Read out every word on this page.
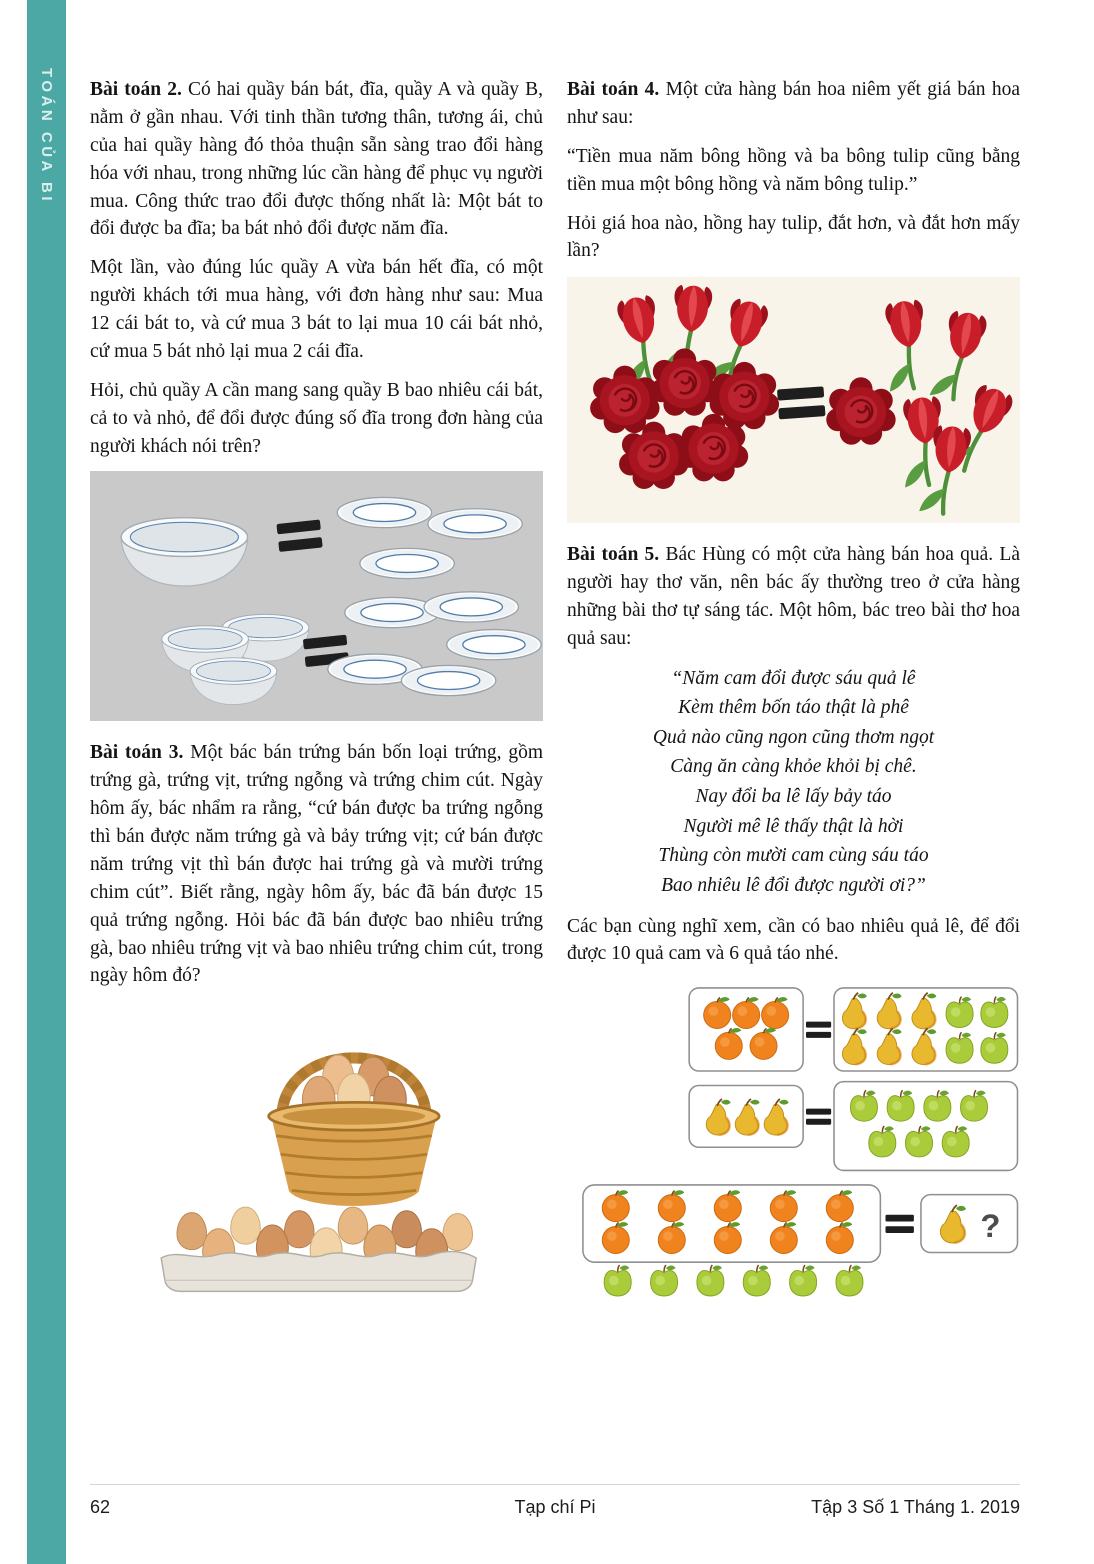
TOÁN CỦA BI Bài toán 2. Có hai quầy bán bát, đĩa, quầy A và quầy B, nằm ở gần nhau. Với tinh thần tương thân, tương ái, chủ của hai quầy hàng đó thỏa thuận sẵn sàng trao đổi hàng hóa với nhau, trong những lúc cần hàng để phục vụ người mua. Công thức trao đổi được thống nhất là: Một bát to đổi được ba đĩa; ba bát nhỏ đổi được năm đĩa.

Một lần, vào đúng lúc quầy A vừa bán hết đĩa, có một người khách tới mua hàng, với đơn hàng như sau: Mua 12 cái bát to, và cứ mua 3 bát to lại mua 10 cái bát nhỏ, cứ mua 5 bát nhỏ lại mua 2 cái đĩa.

Hỏi, chủ quầy A cần mang sang quầy B bao nhiêu cái bát, cả to và nhỏ, để đổi được đúng số đĩa trong đơn hàng của người khách nói trên?

Bài toán 3. Một bác bán trứng bán bốn loại trứng, gồm trứng gà, trứng vịt, trứng ngỗng và trứng chim cút. Ngày hôm ấy, bác nhẩm ra rằng, “cứ bán được ba trứng ngỗng thì bán được năm trứng gà và bảy trứng vịt; cứ bán được năm trứng vịt thì bán được hai trứng gà và mười trứng chim cút”. Biết rằng, ngày hôm ấy, bác đã bán được 15 quả trứng ngỗng. Hỏi bác đã bán được bao nhiêu trứng gà, bao nhiêu trứng vịt và bao nhiêu trứng chim cút, trong ngày hôm đó?

Bài toán 4. Một cửa hàng bán hoa niêm yết giá bán hoa như sau:

“Tiền mua năm bông hồng và ba bông tulip cũng bằng tiền mua một bông hồng và năm bông tulip.”

Hỏi giá hoa nào, hồng hay tulip, đắt hơn, và đắt hơn mấy lần?

Bài toán 5. Bác Hùng có một cửa hàng bán hoa quả. Là người hay thơ văn, nên bác ấy thường treo ở cửa hàng những bài thơ tự sáng tác. Một hôm, bác treo bài thơ hoa quả sau:

“Năm cam đổi được sáu quả lê
Kèm thêm bốn táo thật là phê
Quả nào cũng ngon cũng thơm ngọt
Càng ăn càng khỏe khỏi bị chê.
Nay đổi ba lê lấy bảy táo
Người mê lê thấy thật là hời
Thùng còn mười cam cùng sáu táo
Bao nhiêu lê đổi được người ơi?”

Các bạn cùng nghĩ xem, cần có bao nhiêu quả lê, để đổi được 10 quả cam và 6 quả táo nhé.

?
62	Tạp chí Pi	Tập 3 Số 1 Tháng 1. 2019
